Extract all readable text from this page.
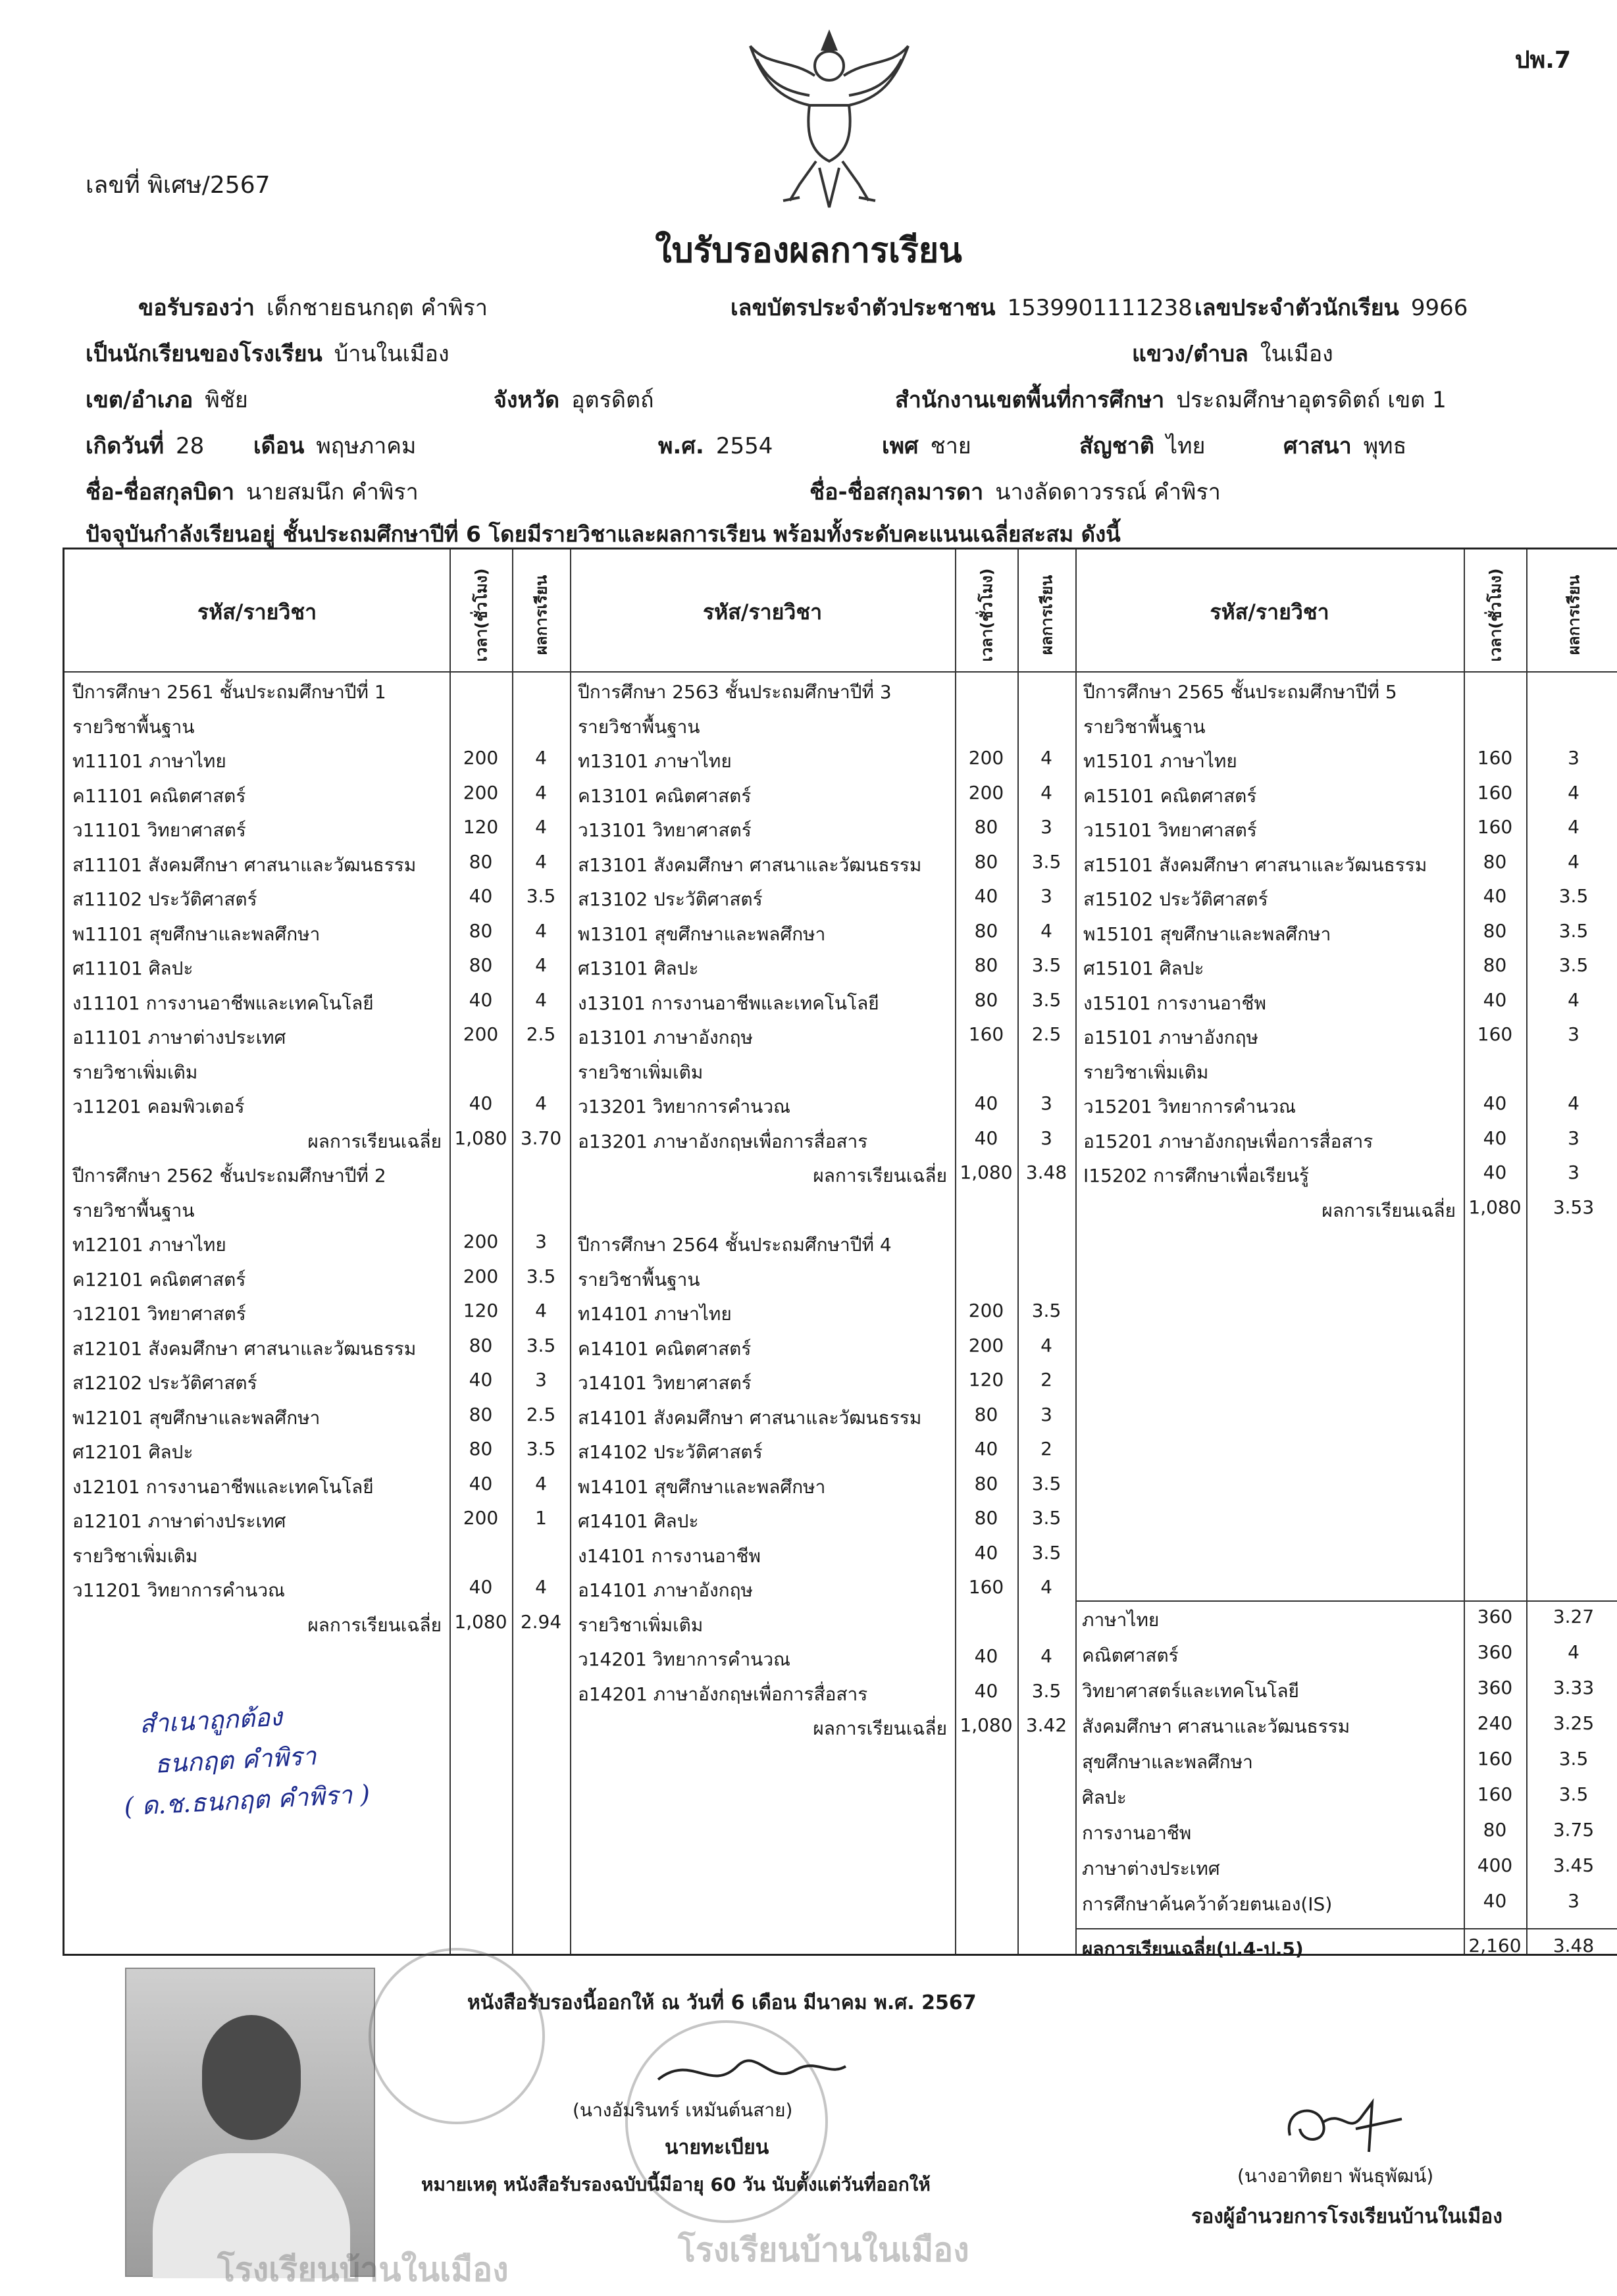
ปพ.7
เลขที่ พิเศษ/2567
ใบรับรองผลการเรียน
ขอรับรองว่า เด็กชายธนกฤต คำพิรา	เลขบัตรประจำตัวประชาชน 1539901111238 เลขประจำตัวนักเรียน 9966
เป็นนักเรียนของโรงเรียน บ้านในเมือง	แขวง/ตำบล ในเมือง
เขต/อำเภอ พิชัย	จังหวัด อุตรดิตถ์	สำนักงานเขตพื้นที่การศึกษา ประถมศึกษาอุตรดิตถ์ เขต 1
เกิดวันที่ 28 เดือน พฤษภาคม	พ.ศ. 2554	เพศ ชาย	สัญชาติ ไทย	ศาสนา พุทธ
ชื่อ-ชื่อสกุลบิดา นายสมนึก คำพิรา	ชื่อ-ชื่อสกุลมารดา นางลัดดาวรรณ์ คำพิรา
ปัจจุบันกำลังเรียนอยู่ ชั้นประถมศึกษาปีที่ 6 โดยมีรายวิชาและผลการเรียน พร้อมทั้งระดับคะแนนเฉลี่ยสะสม ดังนี้
รหัส/รายวิชา	เวลา(ชั่วโมง)	ผลการเรียน
ปีการศึกษา 2561 ชั้นประถมศึกษาปีที่ 1
รายวิชาพื้นฐาน
ท11101 ภาษาไทย	200	4
ค11101 คณิตศาสตร์	200	4
ว11101 วิทยาศาสตร์	120	4
ส11101 สังคมศึกษา ศาสนาและวัฒนธรรม	80	4
ส11102 ประวัติศาสตร์	40	3.5
พ11101 สุขศึกษาและพลศึกษา	80	4
ศ11101 ศิลปะ	80	4
ง11101 การงานอาชีพและเทคโนโลยี	40	4
อ11101 ภาษาต่างประเทศ	200	2.5
รายวิชาเพิ่มเติม
ว11201 คอมพิวเตอร์	40	4
ผลการเรียนเฉลี่ย 1,080 3.70
ปีการศึกษา 2562 ชั้นประถมศึกษาปีที่ 2
รายวิชาพื้นฐาน
ท12101 ภาษาไทย	200	3
ค12101 คณิตศาสตร์	200	3.5
ว12101 วิทยาศาสตร์	120	4
ส12101 สังคมศึกษา ศาสนาและวัฒนธรรม	80	3.5
ส12102 ประวัติศาสตร์	40	3
พ12101 สุขศึกษาและพลศึกษา	80	2.5
ศ12101 ศิลปะ	80	3.5
ง12101 การงานอาชีพและเทคโนโลยี	40	4
อ12101 ภาษาต่างประเทศ	200	1
รายวิชาเพิ่มเติม
ว11201 วิทยาการคำนวณ	40	4
ผลการเรียนเฉลี่ย 1,080 2.94
รหัส/รายวิชา	เวลา(ชั่วโมง)	ผลการเรียน
ปีการศึกษา 2563 ชั้นประถมศึกษาปีที่ 3
รายวิชาพื้นฐาน
ท13101 ภาษาไทย	200	4
ค13101 คณิตศาสตร์	200	4
ว13101 วิทยาศาสตร์	80	3
ส13101 สังคมศึกษา ศาสนาและวัฒนธรรม	80	3.5
ส13102 ประวัติศาสตร์	40	3
พ13101 สุขศึกษาและพลศึกษา	80	4
ศ13101 ศิลปะ	80	3.5
ง13101 การงานอาชีพและเทคโนโลยี	80	3.5
อ13101 ภาษาอังกฤษ	160	2.5
รายวิชาเพิ่มเติม
ว13201 วิทยาการคำนวณ	40	3
อ13201 ภาษาอังกฤษเพื่อการสื่อสาร	40	3
ผลการเรียนเฉลี่ย 1,080 3.48
ปีการศึกษา 2564 ชั้นประถมศึกษาปีที่ 4
รายวิชาพื้นฐาน
ท14101 ภาษาไทย	200	3.5
ค14101 คณิตศาสตร์	200	4
ว14101 วิทยาศาสตร์	120	2
ส14101 สังคมศึกษา ศาสนาและวัฒนธรรม	80	3
ส14102 ประวัติศาสตร์	40	2
พ14101 สุขศึกษาและพลศึกษา	80	3.5
ศ14101 ศิลปะ	80	3.5
ง14101 การงานอาชีพ	40	3.5
อ14101 ภาษาอังกฤษ	160	4
รายวิชาเพิ่มเติม
ว14201 วิทยาการคำนวณ	40	4
อ14201 ภาษาอังกฤษเพื่อการสื่อสาร	40	3.5
ผลการเรียนเฉลี่ย 1,080 3.42
รหัส/รายวิชา	เวลา(ชั่วโมง)	ผลการเรียน
ปีการศึกษา 2565 ชั้นประถมศึกษาปีที่ 5
รายวิชาพื้นฐาน
ท15101 ภาษาไทย	160	3
ค15101 คณิตศาสตร์	160	4
ว15101 วิทยาศาสตร์	160	4
ส15101 สังคมศึกษา ศาสนาและวัฒนธรรม	80	4
ส15102 ประวัติศาสตร์	40	3.5
พ15101 สุขศึกษาและพลศึกษา	80	3.5
ศ15101 ศิลปะ	80	3.5
ง15101 การงานอาชีพ	40	4
อ15101 ภาษาอังกฤษ	160	3
รายวิชาเพิ่มเติม
ว15201 วิทยาการคำนวณ	40	4
อ15201 ภาษาอังกฤษเพื่อการสื่อสาร	40	3
I15202 การศึกษาเพื่อเรียนรู้	40	3
ผลการเรียนเฉลี่ย 1,080	3.53
ภาษาไทย	360	3.27
คณิตศาสตร์	360	4
วิทยาศาสตร์และเทคโนโลยี	360	3.33
สังคมศึกษา ศาสนาและวัฒนธรรม	240	3.25
สุขศึกษาและพลศึกษา	160	3.5
ศิลปะ	160	3.5
การงานอาชีพ	80	3.75
ภาษาต่างประเทศ	400	3.45
การศึกษาค้นคว้าด้วยตนเอง(IS)	40	3
ผลการเรียนเฉลี่ย(ป.4-ป.5)	2,160	3.48
สำเนาถูกต้อง
ธนกฤต คำพิรา
( ด.ช.ธนกฤต คำพิรา )
โรงเรียนบ้านในเมือง
โรงเรียนบ้านในเมือง
หนังสือรับรองนี้ออกให้ ณ วันที่ 6 เดือน มีนาคม พ.ศ. 2567
(นางอัมรินทร์ เหมันต์นสาย)
นายทะเบียน
หมายเหตุ หนังสือรับรองฉบับนี้มีอายุ 60 วัน นับตั้งแต่วันที่ออกให้	(นางอาทิตยา พันธุพัฒน์)
รองผู้อำนวยการโรงเรียนบ้านในเมือง
